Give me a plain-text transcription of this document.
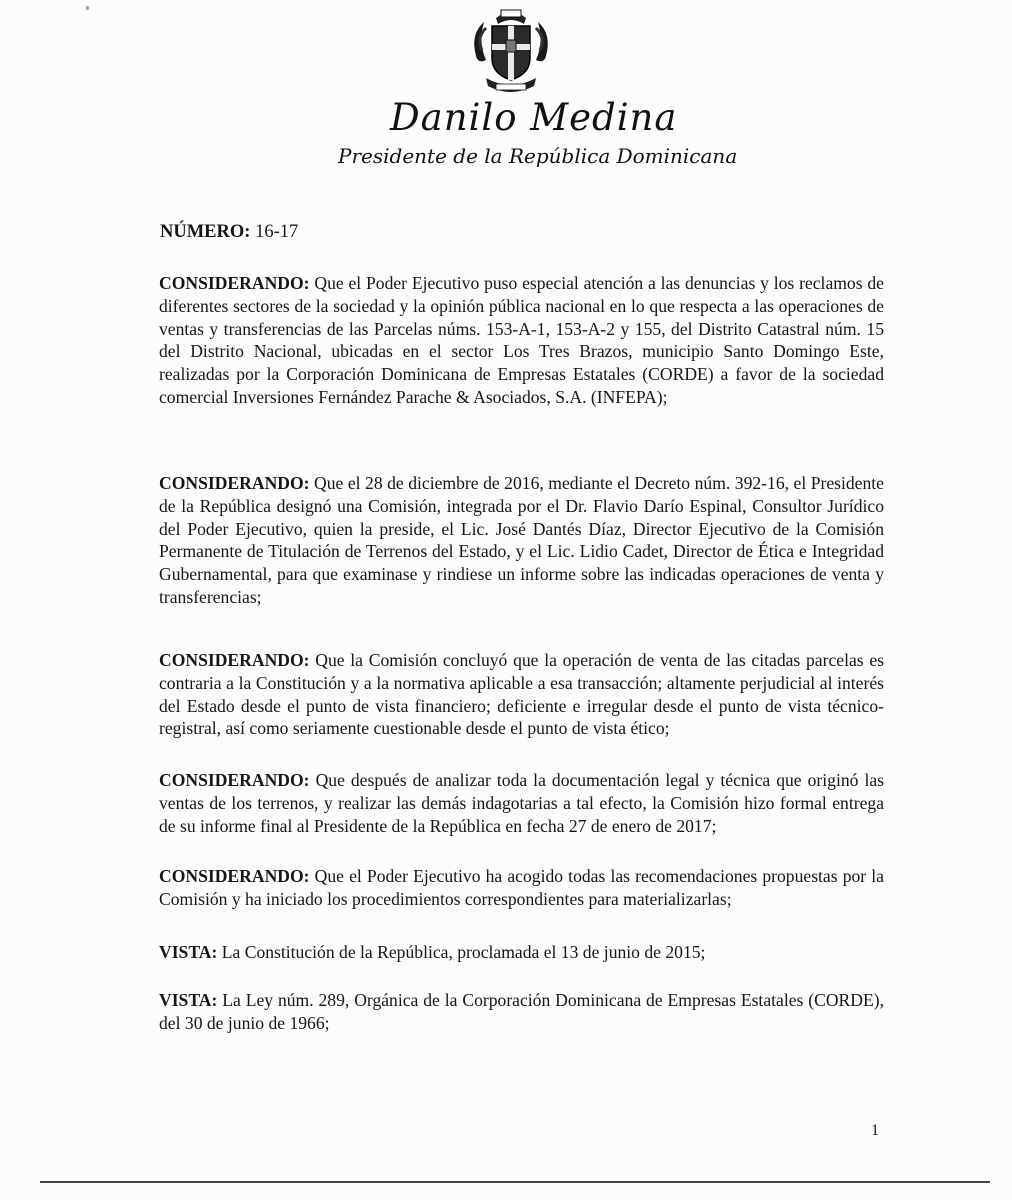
Danilo Medina
Presidente de la República Dominicana
NÚMERO: 16-17
CONSIDERANDO: Que el Poder Ejecutivo puso especial atención a las denuncias y los reclamos de diferentes sectores de la sociedad y la opinión pública nacional en lo que respecta a las operaciones de ventas y transferencias de las Parcelas núms. 153-A-1, 153-A-2 y 155, del Distrito Catastral núm. 15 del Distrito Nacional, ubicadas en el sector Los Tres Brazos, municipio Santo Domingo Este, realizadas por la Corporación Dominicana de Empresas Estatales (CORDE) a favor de la sociedad comercial Inversiones Fernández Parache & Asociados, S.A. (INFEPA);
CONSIDERANDO: Que el 28 de diciembre de 2016, mediante el Decreto núm. 392-16, el Presidente de la República designó una Comisión, integrada por el Dr. Flavio Darío Espinal, Consultor Jurídico del Poder Ejecutivo, quien la preside, el Lic. José Dantés Díaz, Director Ejecutivo de la Comisión Permanente de Titulación de Terrenos del Estado, y el Lic. Lidio Cadet, Director de Ética e Integridad Gubernamental, para que examinase y rindiese un informe sobre las indicadas operaciones de venta y transferencias;
CONSIDERANDO: Que la Comisión concluyó que la operación de venta de las citadas parcelas es contraria a la Constitución y a la normativa aplicable a esa transacción; altamente perjudicial al interés del Estado desde el punto de vista financiero; deficiente e irregular desde el punto de vista técnico-registral, así como seriamente cuestionable desde el punto de vista ético;
CONSIDERANDO: Que después de analizar toda la documentación legal y técnica que originó las ventas de los terrenos, y realizar las demás indagotarias a tal efecto, la Comisión hizo formal entrega de su informe final al Presidente de la República en fecha 27 de enero de 2017;
CONSIDERANDO: Que el Poder Ejecutivo ha acogido todas las recomendaciones propuestas por la Comisión y ha iniciado los procedimientos correspondientes para materializarlas;
VISTA: La Constitución de la República, proclamada el 13 de junio de 2015;
VISTA: La Ley núm. 289, Orgánica de la Corporación Dominicana de Empresas Estatales (CORDE), del 30 de junio de 1966;
1
